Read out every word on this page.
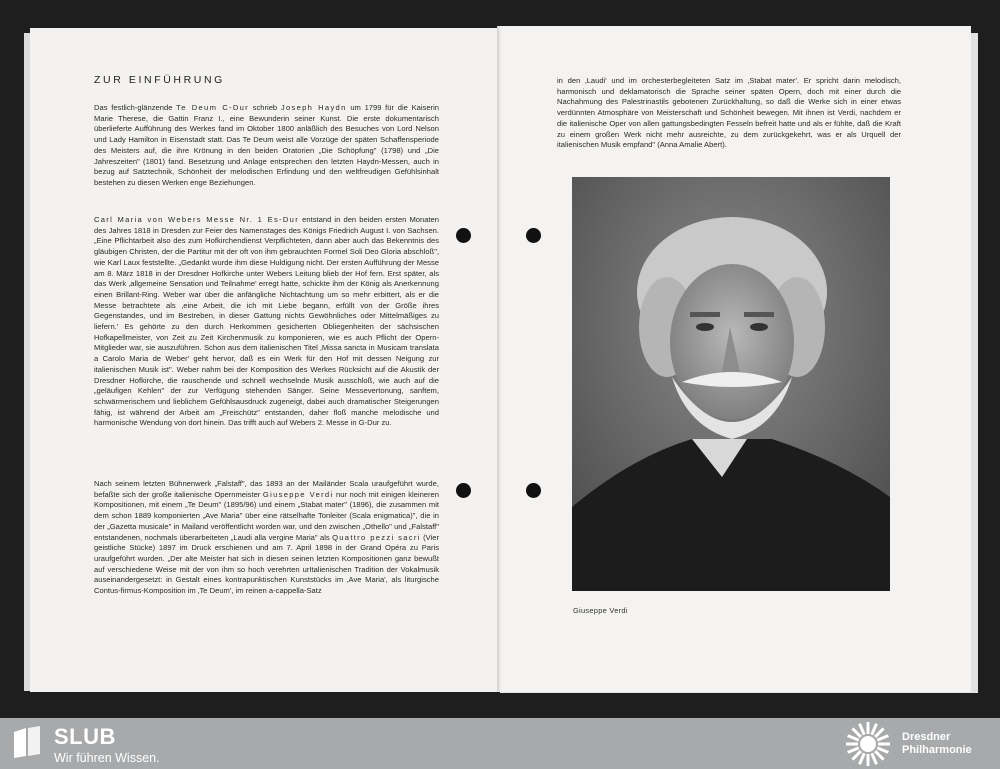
ZUR EINFÜHRUNG

Das festlich-glänzende Te Deum C-Dur schrieb Joseph Haydn um 1799 für die Kaiserin Marie Therese, die Gattin Franz I., eine Bewunderin seiner Kunst. Die erste dokumentarisch überlieferte Aufführung des Werkes fand im Oktober 1800 anläßlich des Besuches von Lord Nelson und Lady Hamilton in Eisenstadt statt. Das Te Deum weist alle Vorzüge der späten Schaffensperiode des Meisters auf, die ihre Krönung in den beiden Oratorien „Die Schöpfung" (1798) und „Die Jahreszeiten" (1801) fand. Besetzung und Anlage entsprechen den letzten Haydn-Messen, auch in bezug auf Satztechnik, Schönheit der melodischen Erfindung und den weltfreudigen Gefühlsinhalt bestehen zu diesen Werken enge Beziehungen.

Carl Maria von Webers Messe Nr. 1 Es-Dur entstand in den beiden ersten Monaten des Jahres 1818 in Dresden zur Feier des Namenstages des Königs Friedrich August I. von Sachsen. „Eine Pflichtarbeit also des zum Hofkirchendienst Verpflichteten, dann aber auch das Bekenntnis des gläubigen Christen, der die Partitur mit der oft von ihm gebrauchten Formel Soli Deo Gloria abschloß", wie Karl Laux feststellte. „Gedankt wurde ihm diese Huldigung nicht. Der ersten Aufführung der Messe am 8. März 1818 in der Dresdner Hofkirche unter Webers Leitung blieb der Hof fern. Erst später, als das Werk ‚allgemeine Sensation und Teilnahme' erregt hatte, schickte ihm der König als Anerkennung einen Brillant-Ring. Weber war über die anfängliche Nichtachtung um so mehr erbittert, als er die Messe betrachtete als ‚eine Arbeit, die ich mit Liebe begann, erfüllt von der Größe ihres Gegenstandes, und im Bestreben, in dieser Gattung nichts Gewöhnliches oder Mittelmäßiges zu liefern.' Es gehörte zu den durch Herkommen gesicherten Obliegenheiten der sächsischen Hofkapellmeister, von Zeit zu Zeit Kirchenmusik zu komponieren, wie es auch Pflicht der Opern-Mitglieder war, sie auszuführen. Schon aus dem italienischen Titel ‚Missa sancta in Musicam translata a Carolo Maria de Weber' geht hervor, daß es ein Werk für den Hof mit dessen Neigung zur italienischen Musik ist". Weber nahm bei der Komposition des Werkes Rücksicht auf die Akustik der Dresdner Hofkirche, die rauschende und schnell wechselnde Musik ausschloß, wie auch auf die „geläufigen Kehlen" der zur Verfügung stehenden Sänger. Seine Messevertonung, sanftem, schwärmerischem und lieblichem Gefühlsausdruck zugeneigt, dabei auch dramatischer Steigerungen fähig, ist während der Arbeit am „Freischütz" entstanden, daher floß manche melodische und harmonische Wendung von dort hinein. Das trifft auch auf Webers 2. Messe in G-Dur zu.

Nach seinem letzten Bühnenwerk „Falstaff", das 1893 an der Mailänder Scala uraufgeführt wurde, befaßte sich der große italienische Opernmeister Giuseppe Verdi nur noch mit einigen kleineren Kompositionen, mit einem „Te Deum" (1895/96) und einem „Stabat mater" (1896), die zusammen mit dem schon 1889 komponierten „Ave Maria" über eine rätselhafte Tonleiter (Scala enigmatica)", die in der „Gazetta musicale" in Mailand veröffentlicht worden war, und den zwischen „Othello" und „Falstaff" entstandenen, nochmals überarbeiteten „Laudi alla vergine Maria" als Quattro pezzi sacri (Vier geistliche Stücke) 1897 im Druck erschienen und am 7. April 1898 in der Grand Opéra zu Paris uraufgeführt wurden. „Der alte Meister hat sich in diesen seinen letzten Kompositionen ganz bewußt auf verschiedene Weise mit der von ihm so hoch verehrten urItalienischen Tradition der Vokalmusik auseinandergesetzt: in Gestalt eines kontrapunktischen Kunststücks im ‚Ave Maria', als liturgische Contus-firmus-Komposition im ‚Te Deum', im reinen a-cappella-Satz

in den ‚Laudi' und im orchesterbegleiteten Satz im ‚Stabat mater'. Er spricht darin melodisch, harmonisch und deklamatorisch die Sprache seiner späten Opern, doch mit einer durch die Nachahmung des Palestrinastils gebotenen Zurückhaltung, so daß die Werke sich in einer etwas verdünnten Atmosphäre von Meisterschaft und Schönheit bewegen. Mit ihnen ist Verdi, nachdem er die italienische Oper von allen gattungsbedingten Fesseln befreit hatte und als er fühlte, daß die Kraft zu einem großen Werk nicht mehr ausreichte, zu dem zurückgekehrt, was er als Urquell der italienischen Musik empfand" (Anna Amalie Abert).

Giuseppe Verdi
SLUB
Wir führen Wissen.
Dresdner
Philharmonie
